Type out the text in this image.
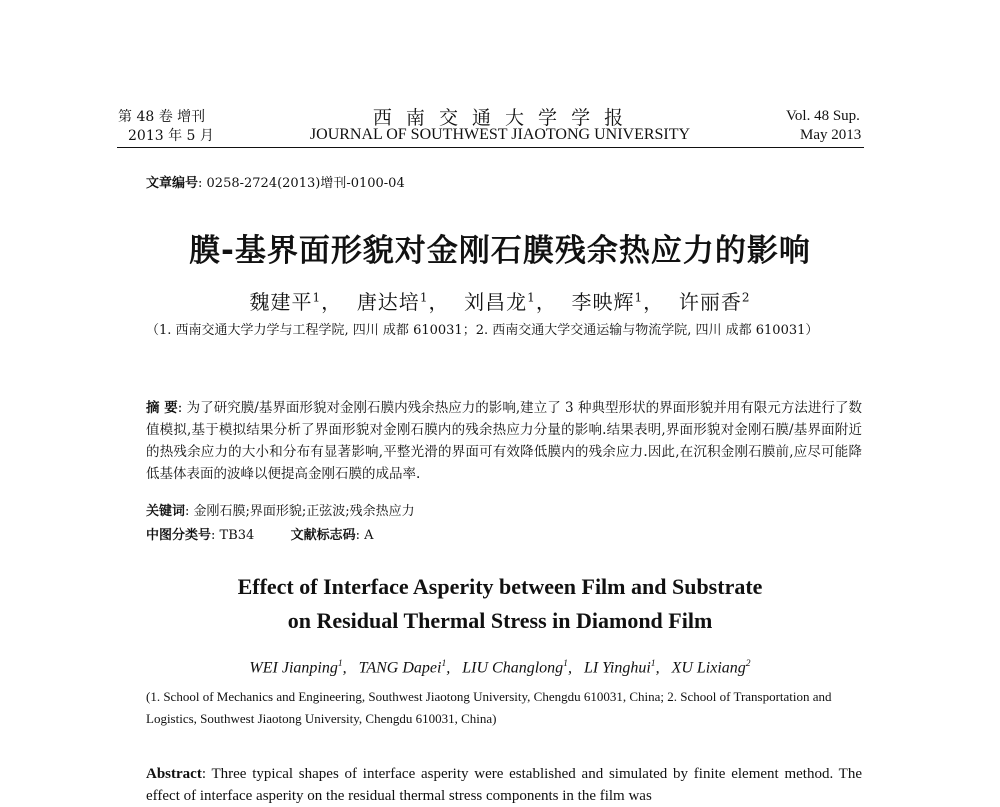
第 48 卷 增刊
2013 年 5 月
西 南 交 通 大 学 学 报
JOURNAL OF SOUTHWEST JIAOTONG UNIVERSITY
Vol. 48 Sup.
May 2013
文章编号: 0258-2724(2013)增刊-0100-04
膜-基界面形貌对金刚石膜残余热应力的影响
魏建平$^1$， 唐达培$^1$， 刘昌龙$^1$， 李映辉$^1$， 许丽香$^2$
（1. 西南交通大学力学与工程学院, 四川 成都 610031；2. 西南交通大学交通运输与物流学院, 四川 成都 610031）
摘 要: 为了研究膜/基界面形貌对金刚石膜内残余热应力的影响,建立了 3 种典型形状的界面形貌并用有限元方法进行了数值模拟,基于模拟结果分析了界面形貌对金刚石膜内的残余热应力分量的影响.结果表明,界面形貌对金刚石膜/基界面附近的热残余应力的大小和分布有显著影响,平整光滑的界面可有效降低膜内的残余应力.因此,在沉积金刚石膜前,应尽可能降低基体表面的波峰以便提高金刚石膜的成品率.
关键词: 金刚石膜;界面形貌;正弦波;残余热应力
中图分类号: TB34	文献标志码: A
Effect of Interface Asperity between Film and Substrate
on Residual Thermal Stress in Diamond Film
WEI Jianping$^1$, TANG Dapei$^1$, LIU Changlong$^1$, LI Yinghui$^1$, XU Lixiang$^2$
(1. School of Mechanics and Engineering, Southwest Jiaotong University, Chengdu 610031, China; 2. School of Transportation and Logistics, Southwest Jiaotong University, Chengdu 610031, China)
Abstract: Three typical shapes of interface asperity were established and simulated by finite element method. The effect of interface asperity on the residual thermal stress components in the film was
